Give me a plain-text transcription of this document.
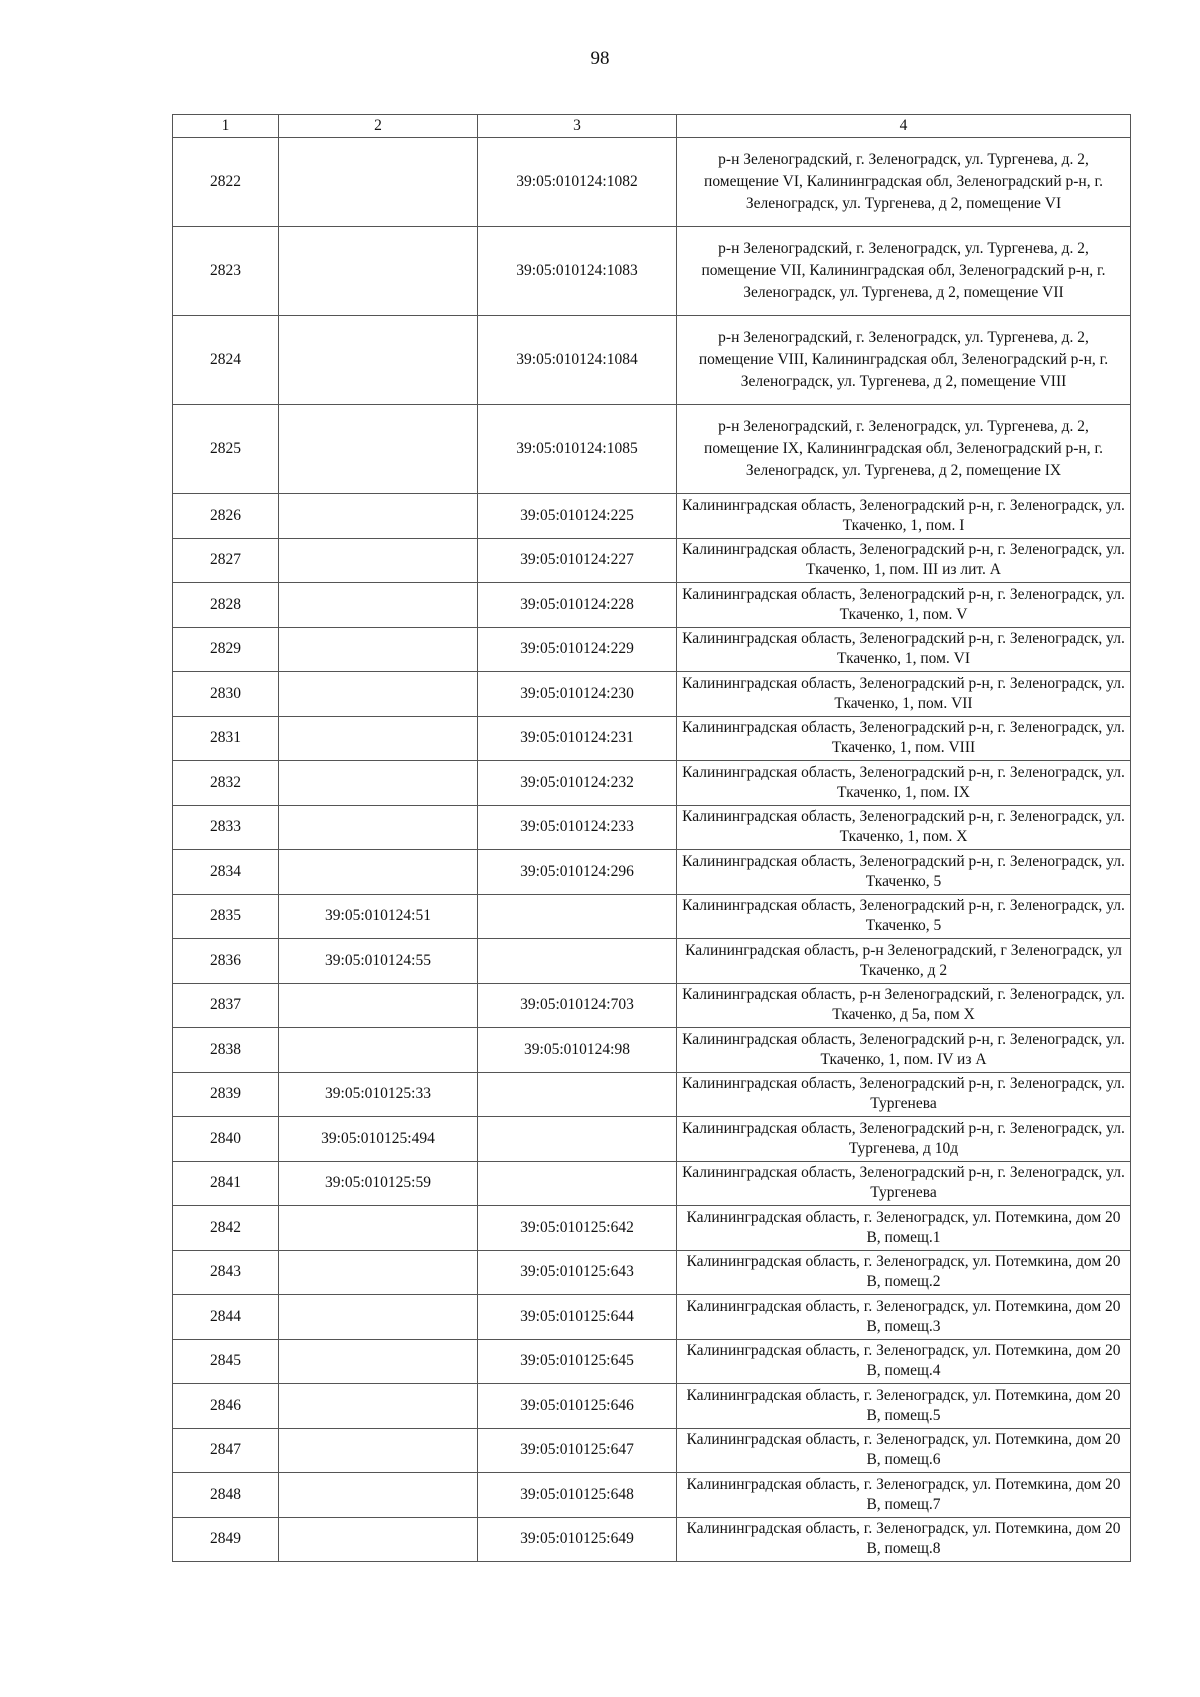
98
1	2	3	4
2822		39:05:010124:1082	р-н Зеленоградский, г. Зеленоградск, ул. Тургенева, д. 2, помещение VI, Калининградская обл, Зеленоградский р-н, г. Зеленоградск, ул. Тургенева, д 2, помещение VI
2823		39:05:010124:1083	р-н Зеленоградский, г. Зеленоградск, ул. Тургенева, д. 2, помещение VII, Калининградская обл, Зеленоградский р-н, г. Зеленоградск, ул. Тургенева, д 2, помещение VII
2824		39:05:010124:1084	р-н Зеленоградский, г. Зеленоградск, ул. Тургенева, д. 2, помещение VIII, Калининградская обл, Зеленоградский р-н, г. Зеленоградск, ул. Тургенева, д 2, помещение VIII
2825		39:05:010124:1085	р-н Зеленоградский, г. Зеленоградск, ул. Тургенева, д. 2, помещение IX, Калининградская обл, Зеленоградский р-н, г. Зеленоградск, ул. Тургенева, д 2, помещение IX
2826		39:05:010124:225	Калининградская область, Зеленоградский р-н, г. Зеленоградск, ул. Ткаченко, 1, пом. I
2827		39:05:010124:227	Калининградская область, Зеленоградский р-н, г. Зеленоградск, ул. Ткаченко, 1, пом. III из лит. А
2828		39:05:010124:228	Калининградская область, Зеленоградский р-н, г. Зеленоградск, ул. Ткаченко, 1, пом. V
2829		39:05:010124:229	Калининградская область, Зеленоградский р-н, г. Зеленоградск, ул. Ткаченко, 1, пом. VI
2830		39:05:010124:230	Калининградская область, Зеленоградский р-н, г. Зеленоградск, ул. Ткаченко, 1, пом. VII
2831		39:05:010124:231	Калининградская область, Зеленоградский р-н, г. Зеленоградск, ул. Ткаченко, 1, пом. VIII
2832		39:05:010124:232	Калининградская область, Зеленоградский р-н, г. Зеленоградск, ул. Ткаченко, 1, пом. IX
2833		39:05:010124:233	Калининградская область, Зеленоградский р-н, г. Зеленоградск, ул. Ткаченко, 1, пом. X
2834		39:05:010124:296	Калининградская область, Зеленоградский р-н, г. Зеленоградск, ул. Ткаченко, 5
2835	39:05:010124:51		Калининградская область, Зеленоградский р-н, г. Зеленоградск, ул. Ткаченко, 5
2836	39:05:010124:55		Калининградская область, р-н Зеленоградский, г Зеленоградск, ул Ткаченко, д 2
2837		39:05:010124:703	Калининградская область, р-н Зеленоградский, г. Зеленоградск, ул. Ткаченко, д 5а, пом X
2838		39:05:010124:98	Калининградская область, Зеленоградский р-н, г. Зеленоградск, ул. Ткаченко, 1, пом. IV из А
2839	39:05:010125:33		Калининградская область, Зеленоградский р-н, г. Зеленоградск, ул. Тургенева
2840	39:05:010125:494		Калининградская область, Зеленоградский р-н, г. Зеленоградск, ул. Тургенева, д 10д
2841	39:05:010125:59		Калининградская область, Зеленоградский р-н, г. Зеленоградск, ул. Тургенева
2842		39:05:010125:642	Калининградская область, г. Зеленоградск, ул. Потемкина, дом 20 В, помещ.1
2843		39:05:010125:643	Калининградская область, г. Зеленоградск, ул. Потемкина, дом 20 В, помещ.2
2844		39:05:010125:644	Калининградская область, г. Зеленоградск, ул. Потемкина, дом 20 В, помещ.3
2845		39:05:010125:645	Калининградская область, г. Зеленоградск, ул. Потемкина, дом 20 В, помещ.4
2846		39:05:010125:646	Калининградская область, г. Зеленоградск, ул. Потемкина, дом 20 В, помещ.5
2847		39:05:010125:647	Калининградская область, г. Зеленоградск, ул. Потемкина, дом 20 В, помещ.6
2848		39:05:010125:648	Калининградская область, г. Зеленоградск, ул. Потемкина, дом 20 В, помещ.7
2849		39:05:010125:649	Калининградская область, г. Зеленоградск, ул. Потемкина, дом 20 В, помещ.8
